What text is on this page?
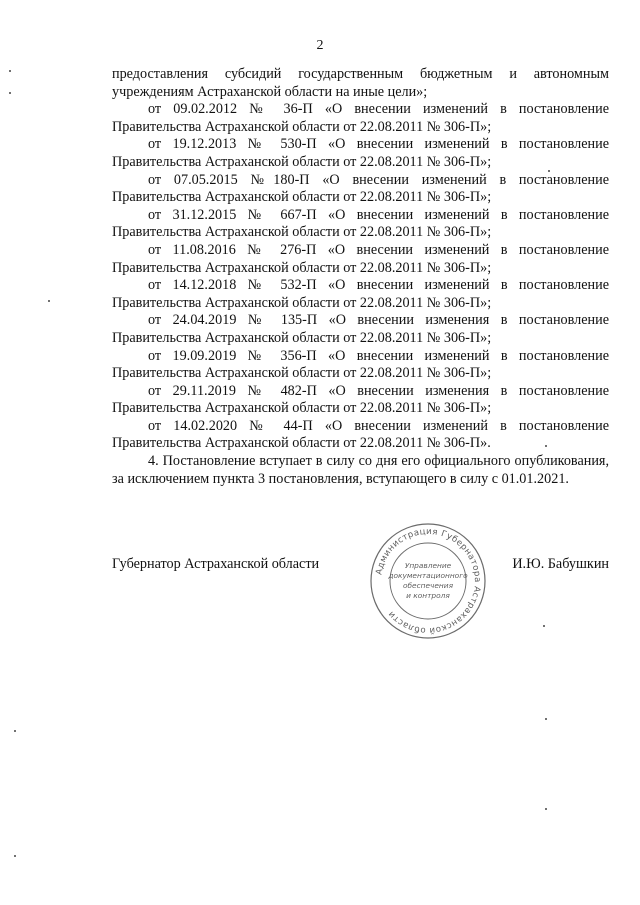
2

предоставления субсидий государственным бюджетным и автономным
учреждениям Астраханской области на иные цели»;

от 09.02.2012 № 36-П «О внесении изменений в постановление
Правительства Астраханской области от 22.08.2011 № 306-П»;
от 19.12.2013 № 530-П «О внесении изменений в постановление
Правительства Астраханской области от 22.08.2011 № 306-П»;
от 07.05.2015 №180-П «О внесении изменений в постановление
Правительства Астраханской области от 22.08.2011 № 306-П»;
от 31.12.2015 № 667-П «О внесении изменений в постановление
Правительства Астраханской области от 22.08.2011 № 306-П»;
от 11.08.2016 № 276-П «О внесении изменений в постановление
Правительства Астраханской области от 22.08.2011 № 306-П»;
от 14.12.2018 № 532-П «О внесении изменений в постановление
Правительства Астраханской области от 22.08.2011 № 306-П»;
от 24.04.2019 № 135-П «О внесении изменения в постановление
Правительства Астраханской области от 22.08.2011 № 306-П»;
от 19.09.2019 № 356-П «О внесении изменений в постановление
Правительства Астраханской области от 22.08.2011 № 306-П»;
от 29.11.2019 № 482-П «О внесении изменения в постановление
Правительства Астраханской области от 22.08.2011 № 306-П»;
от 14.02.2020 № 44-П «О внесении изменений в постановление
Правительства Астраханской области от 22.08.2011 № 306-П».

4. Постановление вступает в силу со дня его официального опубликования, за исключением пункта 3 постановления, вступающего в силу с 01.01.2021.

Губернатор Астраханской области	И.Ю. Бабушкин
Администрация Губернатора Астраханской области
Управление
документационного
обеспечения
и контроля
